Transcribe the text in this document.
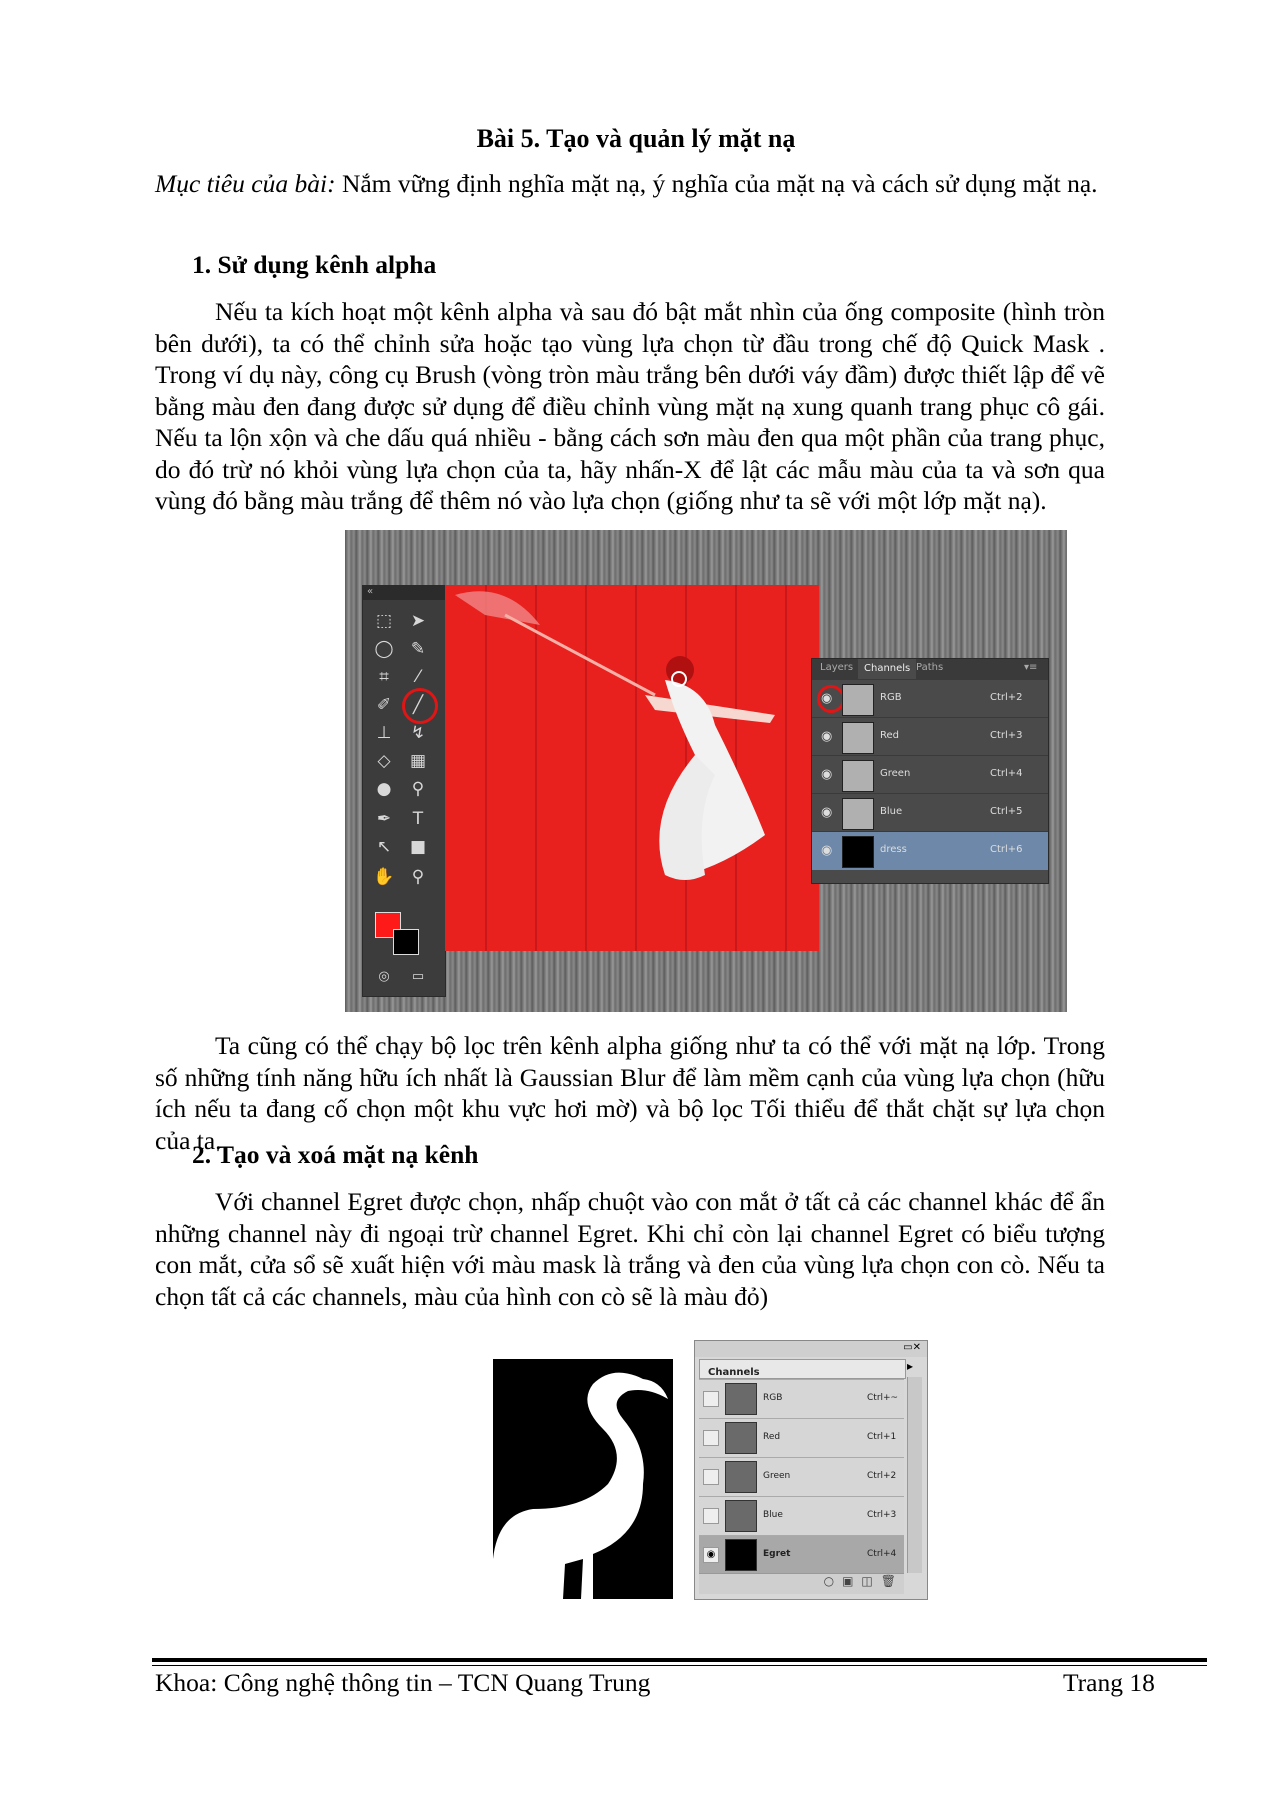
Bài 5. Tạo và quản lý mặt nạ
Mục tiêu của bài: Nắm vững định nghĩa mặt nạ, ý nghĩa của mặt nạ và cách sử dụng mặt nạ.
1. Sử dụng kênh alpha
Nếu ta kích hoạt một kênh alpha và sau đó bật mắt nhìn của ống composite (hình tròn bên dưới), ta có thể chỉnh sửa hoặc tạo vùng lựa chọn từ đầu trong chế độ Quick Mask . Trong ví dụ này, công cụ Brush (vòng tròn màu trắng bên dưới váy đầm) được thiết lập để vẽ bằng màu đen đang được sử dụng để điều chỉnh vùng mặt nạ xung quanh trang phục cô gái. Nếu ta lộn xộn và che dấu quá nhiều - bằng cách sơn màu đen qua một phần của trang phục, do đó trừ nó khỏi vùng lựa chọn của ta, hãy nhấn-X để lật các mẫu màu của ta và sơn qua vùng đó bằng màu trắng để thêm nó vào lựa chọn (giống như ta sẽ với một lớp mặt nạ).
«
⬚	➤
◯	✎
⌗	⁄
✐	╱
⊥	↯
◇	▦
●	⚲
✒	T
↖	■
✋	⚲
◎	▭
Layers	Channels Paths	▾≡
◉	RGB	Ctrl+2
◉	Red	Ctrl+3
◉	Green	Ctrl+4
◉	Blue	Ctrl+5
◉	dress	Ctrl+6
Ta cũng có thể chạy bộ lọc trên kênh alpha giống như ta có thể với mặt nạ lớp. Trong số những tính năng hữu ích nhất là Gaussian Blur để làm mềm cạnh của vùng lựa chọn (hữu ích nếu ta đang cố chọn một khu vực hơi mờ) và bộ lọc Tối thiểu để thắt chặt sự lựa chọn của ta.
2. Tạo và xoá mặt nạ kênh
Với channel Egret được chọn, nhấp chuột vào con mắt ở tất cả các channel khác để ẩn những channel này đi ngoại trừ channel Egret. Khi chỉ còn lại channel Egret có biểu tượng con mắt, cửa sổ sẽ xuất hiện với màu mask là trắng và đen của vùng lựa chọn con cò. Nếu ta chọn tất cả các channels, màu của hình con cò sẽ là màu đỏ)
▭✕
Channels	▸
RGB	Ctrl+~
Red	Ctrl+1
Green	Ctrl+2
Blue	Ctrl+3
◉	Egret	Ctrl+4
○▣◫🗑
Khoa: Công nghệ thông tin – TCN Quang Trung	Trang 18
